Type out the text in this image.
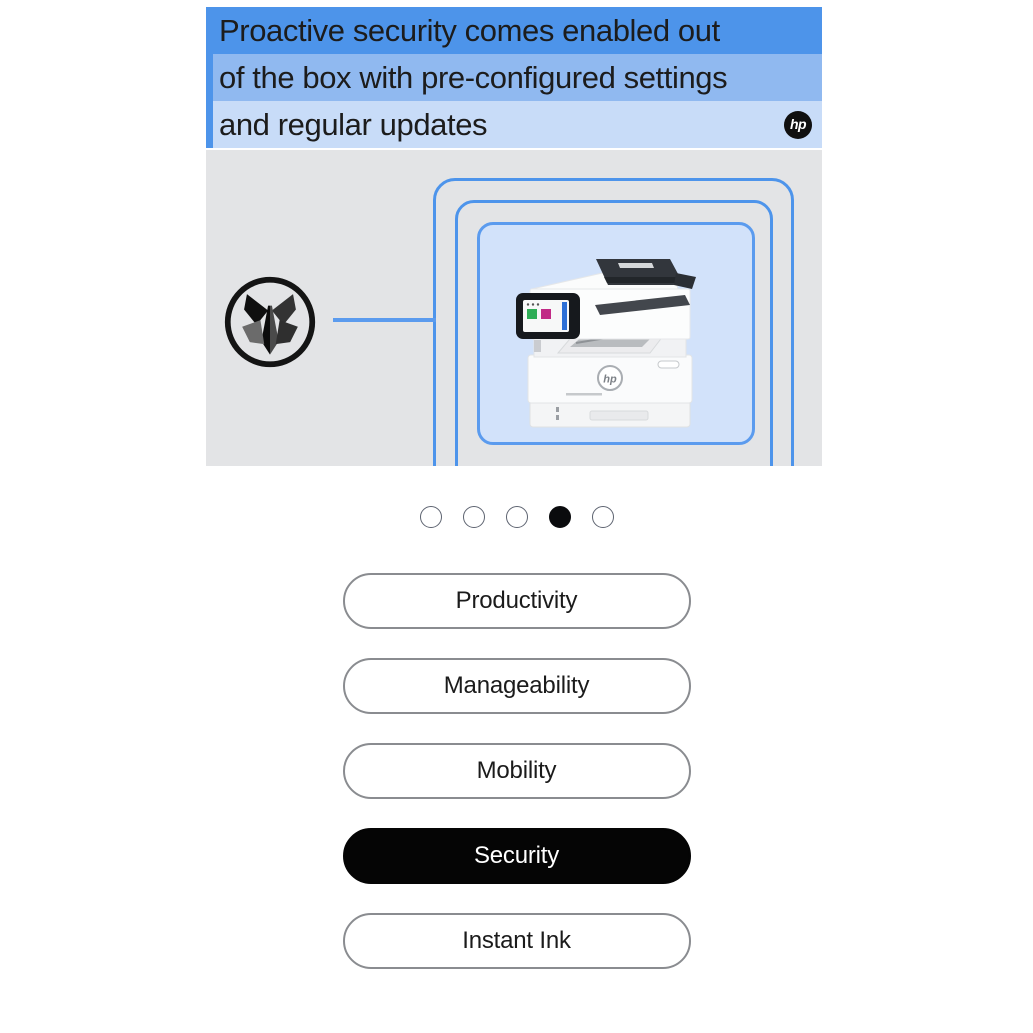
Proactive security comes enabled out
of the box with pre-configured settings
and regular updates	hp
hp
Productivity
Manageability
Mobility
Security
Instant Ink
